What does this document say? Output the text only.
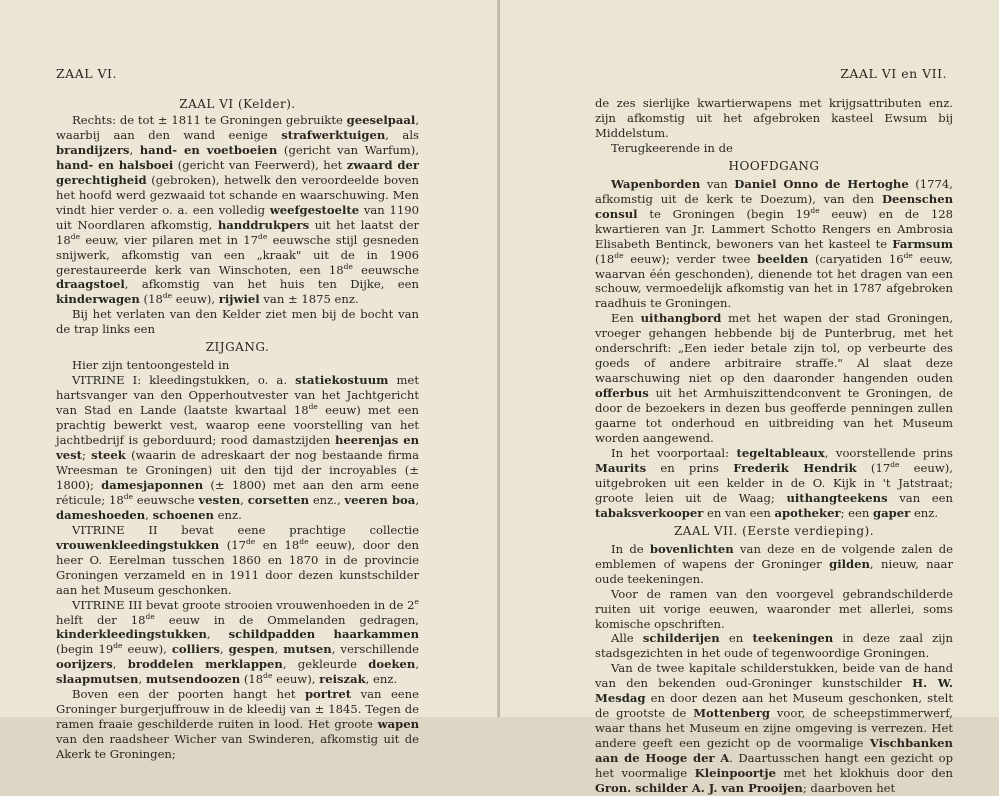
ZAAL VI.
ZAAL VI (Kelder).

Rechts: de tot ± 1811 te Groningen gebruikte geeselpaal, waarbij aan den wand eenige strafwerktuigen, als brandijzers, hand- en voetboeien (gericht van Warfum), hand- en halsboei (gericht van Feerwerd), het zwaard der gerechtigheid (gebroken), hetwelk den veroordeelde boven het hoofd werd gezwaaid tot schande en waarschuwing. Men vindt hier verder o. a. een volledig weefgestoelte van 1190 uit Noordlaren afkomstig, handdrukpers uit het laatst der 18de eeuw, vier pilaren met in 17de eeuwsche stijl gesneden snijwerk, afkomstig van een „kraak" uit de in 1906 gerestaureerde kerk van Winschoten, een 18de eeuwsche draagstoel, afkomstig van het huis ten Dijke, een kinderwagen (18de eeuw), rijwiel van ± 1875 enz.

Bij het verlaten van den Kelder ziet men bij de bocht van de trap links een

ZIJGANG.

Hier zijn tentoongesteld in

VITRINE I: kleedingstukken, o. a. statiekostuum met hartsvanger van den Opperhoutvester van het Jachtgericht van Stad en Lande (laatste kwartaal 18de eeuw) met een prachtig bewerkt vest, waarop eene voorstelling van het jachtbedrijf is geborduurd; rood damastzijden heerenjas en vest; steek (waarin de adreskaart der nog bestaande firma Wreesman te Groningen) uit den tijd der incroyables (± 1800); damesjaponnen (± 1800) met aan den arm eene réticule; 18de eeuwsche vesten, corsetten enz., veeren boa, dameshoeden, schoenen enz.

VITRINE II bevat eene prachtige collectie vrouwenkleedingstukken (17de en 18de eeuw), door den heer O. Eerelman tusschen 1860 en 1870 in de provincie Groningen verzameld en in 1911 door dezen kunstschilder aan het Museum geschonken.

VITRINE III bevat groote strooien vrouwenhoeden in de 2e helft der 18de eeuw in de Ommelanden gedragen, kinderkleedingstukken, schildpadden haarkammen (begin 19de eeuw), colliers, gespen, mutsen, verschillende oorijzers, broddelen merklappen, gekleurde doeken, slaapmutsen, mutsendoozen (18de eeuw), reiszak, enz.

Boven een der poorten hangt het portret van eene Groninger burgerjuffrouw in de kleedij van ± 1845. Tegen de ramen fraaie geschilderde ruiten in lood. Het groote wapen van den raadsheer Wicher van Swinderen, afkomstig uit de Akerk te Groningen;

ZAAL VI en VII.

de zes sierlijke kwartierwapens met krijgsattributen enz. zijn afkomstig uit het afgebroken kasteel Ewsum bij Middelstum.

Terugkeerende in de

HOOFDGANG

Wapenborden van Daniel Onno de Hertoghe (1774, afkomstig uit de kerk te Doezum), van den Deenschen consul te Groningen (begin 19de eeuw) en de 128 kwartieren van Jr. Lammert Schotto Rengers en Ambrosia Elisabeth Bentinck, bewoners van het kasteel te Farmsum (18de eeuw); verder twee beelden (caryatiden 16de eeuw, waarvan één geschonden), dienende tot het dragen van een schouw, vermoedelijk afkomstig van het in 1787 afgebroken raadhuis te Groningen.

Een uithangbord met het wapen der stad Groningen, vroeger gehangen hebbende bij de Punterbrug, met het onderschrift: „Een ieder betale zijn tol, op verbeurte des goeds of andere arbitraire straffe." Al slaat deze waarschuwing niet op den daaronder hangenden ouden offerbus uit het Armhuiszittendconvent te Groningen, de door de bezoekers in dezen bus geofferde penningen zullen gaarne tot onderhoud en uitbreiding van het Museum worden aangewend.

In het voorportaal: tegeltableaux, voorstellende prins Maurits en prins Frederik Hendrik (17de eeuw), uitgebroken uit een kelder in de O. Kijk in 't Jatstraat; groote leien uit de Waag; uithangteekens van een tabaksverkooper en van een apotheker; een gaper enz.

ZAAL VII. (Eerste verdieping).

In de bovenlichten van deze en de volgende zalen de emblemen of wapens der Groninger gilden, nieuw, naar oude teekeningen.

Voor de ramen van den voorgevel gebrandschilderde ruiten uit vorige eeuwen, waaronder met allerlei, soms komische opschriften.

Alle schilderijen en teekeningen in deze zaal zijn stadsgezichten in het oude of tegenwoordige Groningen.

Van de twee kapitale schilderstukken, beide van de hand van den bekenden oud-Groninger kunstschilder H. W. Mesdag en door dezen aan het Museum geschonken, stelt de grootste de Mottenberg voor, de scheepstimmerwerf, waar thans het Museum en zijne omgeving is verrezen. Het andere geeft een gezicht op de voormalige Vischbanken aan de Hooge der A. Daartusschen hangt een gezicht op het voormalige Kleinpoortje met het klokhuis door den Gron. schilder A. J. van Prooijen; daarboven het
